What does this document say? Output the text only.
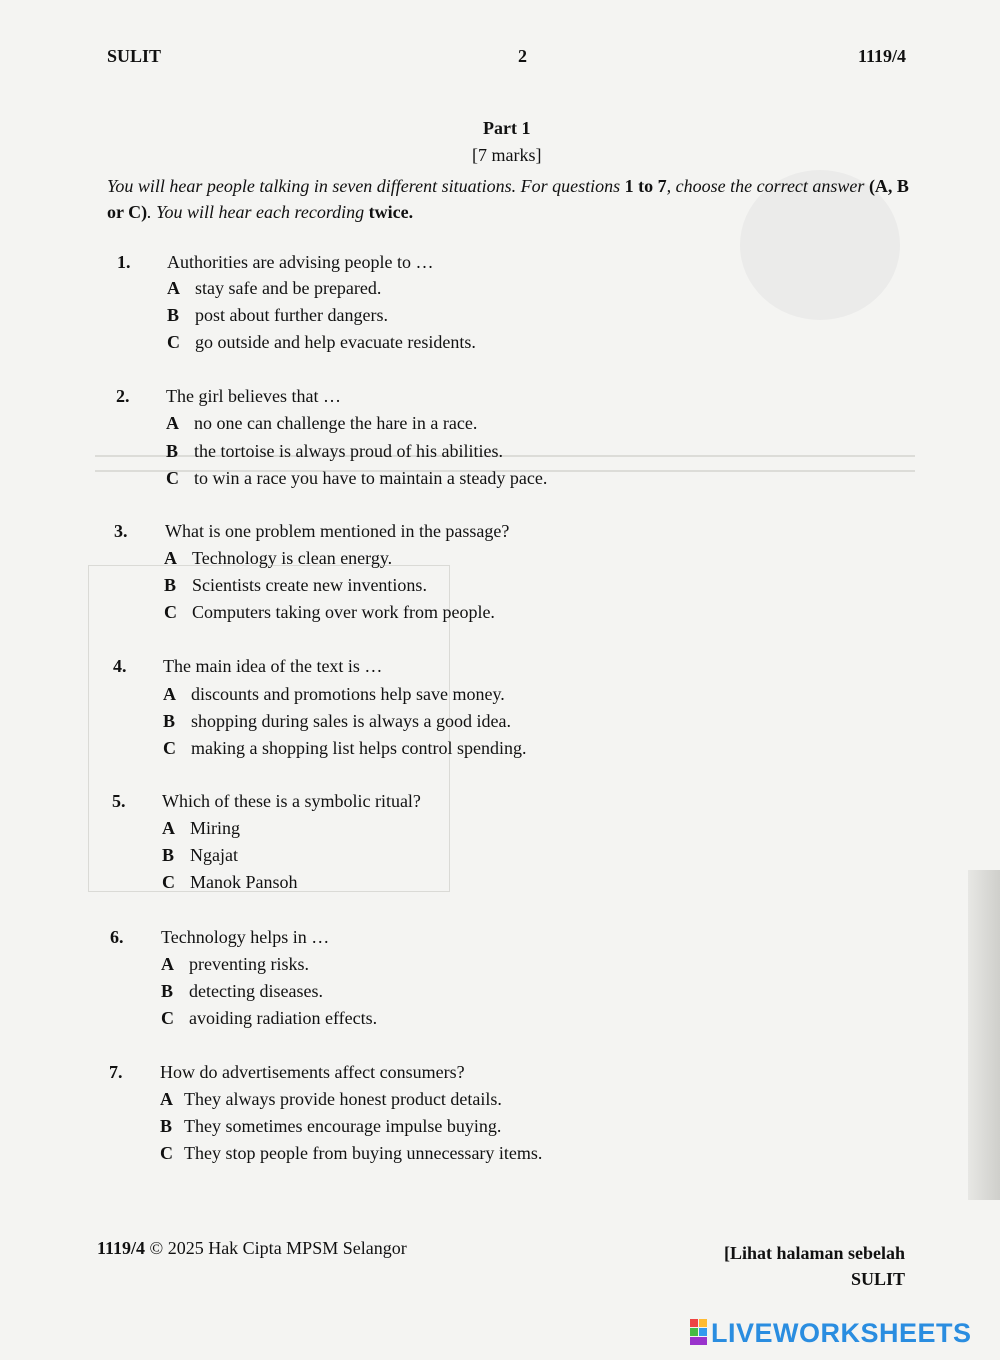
SULIT	2	1119/4
Part 1
[7 marks]
You will hear people talking in seven different situations. For questions 1 to 7, choose the correct answer (A, B or C). You will hear each recording twice.
1. Authorities are advising people to …
A stay safe and be prepared.
B post about further dangers.
C go outside and help evacuate residents.
2. The girl believes that …
A no one can challenge the hare in a race.
B the tortoise is always proud of his abilities.
C to win a race you have to maintain a steady pace.
3. What is one problem mentioned in the passage?
A Technology is clean energy.
B Scientists create new inventions.
C Computers taking over work from people.
4. The main idea of the text is …
A discounts and promotions help save money.
B shopping during sales is always a good idea.
C making a shopping list helps control spending.
5. Which of these is a symbolic ritual?
A Miring
B Ngajat
C Manok Pansoh
6. Technology helps in …
A preventing risks.
B detecting diseases.
C avoiding radiation effects.
7. How do advertisements affect consumers?
A They always provide honest product details.
B They sometimes encourage impulse buying.
C They stop people from buying unnecessary items.
1119/4 © 2025 Hak Cipta MPSM Selangor	[Lihat halaman sebelah
SULIT
LIVEWORKSHEETS
